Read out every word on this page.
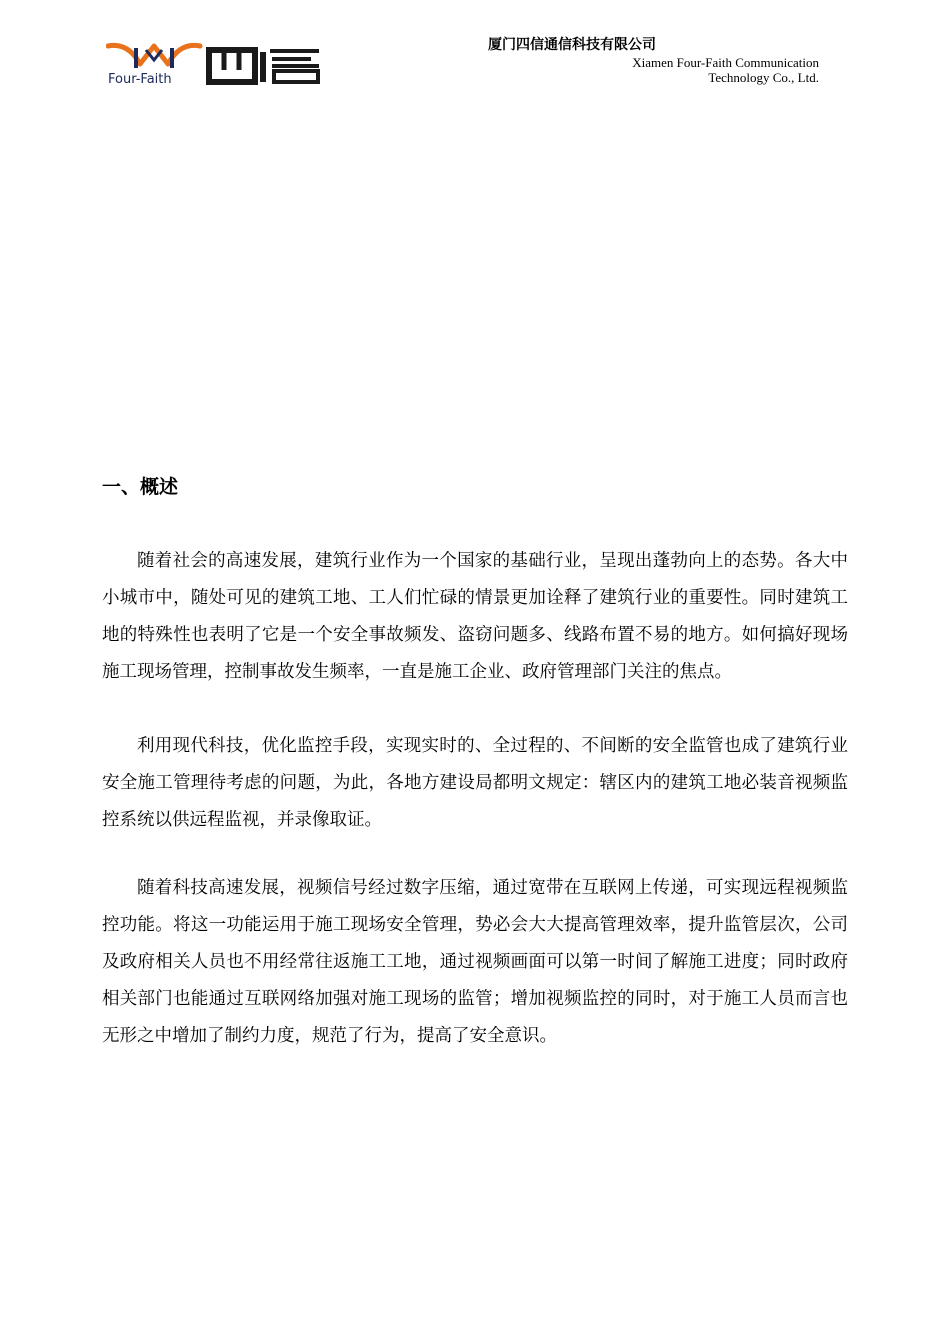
Four-Faith
厦门四信通信科技有限公司
Xiamen Four-Faith Communication
Technology Co., Ltd.
一、概述

随着社会的高速发展，建筑行业作为一个国家的基础行业，呈现出蓬勃向上的态势。各大中小城市中，随处可见的建筑工地、工人们忙碌的情景更加诠释了建筑行业的重要性。同时建筑工地的特殊性也表明了它是一个安全事故频发、盗窃问题多、线路布置不易的地方。如何搞好现场施工现场管理，控制事故发生频率，一直是施工企业、政府管理部门关注的焦点。

利用现代科技，优化监控手段，实现实时的、全过程的、不间断的安全监管也成了建筑行业安全施工管理待考虑的问题，为此，各地方建设局都明文规定：辖区内的建筑工地必装音视频监控系统以供远程监视，并录像取证。

随着科技高速发展，视频信号经过数字压缩，通过宽带在互联网上传递，可实现远程视频监控功能。将这一功能运用于施工现场安全管理，势必会大大提高管理效率，提升监管层次，公司及政府相关人员也不用经常往返施工工地，通过视频画面可以第一时间了解施工进度；同时政府相关部门也能通过互联网络加强对施工现场的监管；增加视频监控的同时，对于施工人员而言也无形之中增加了制约力度，规范了行为，提高了安全意识。
